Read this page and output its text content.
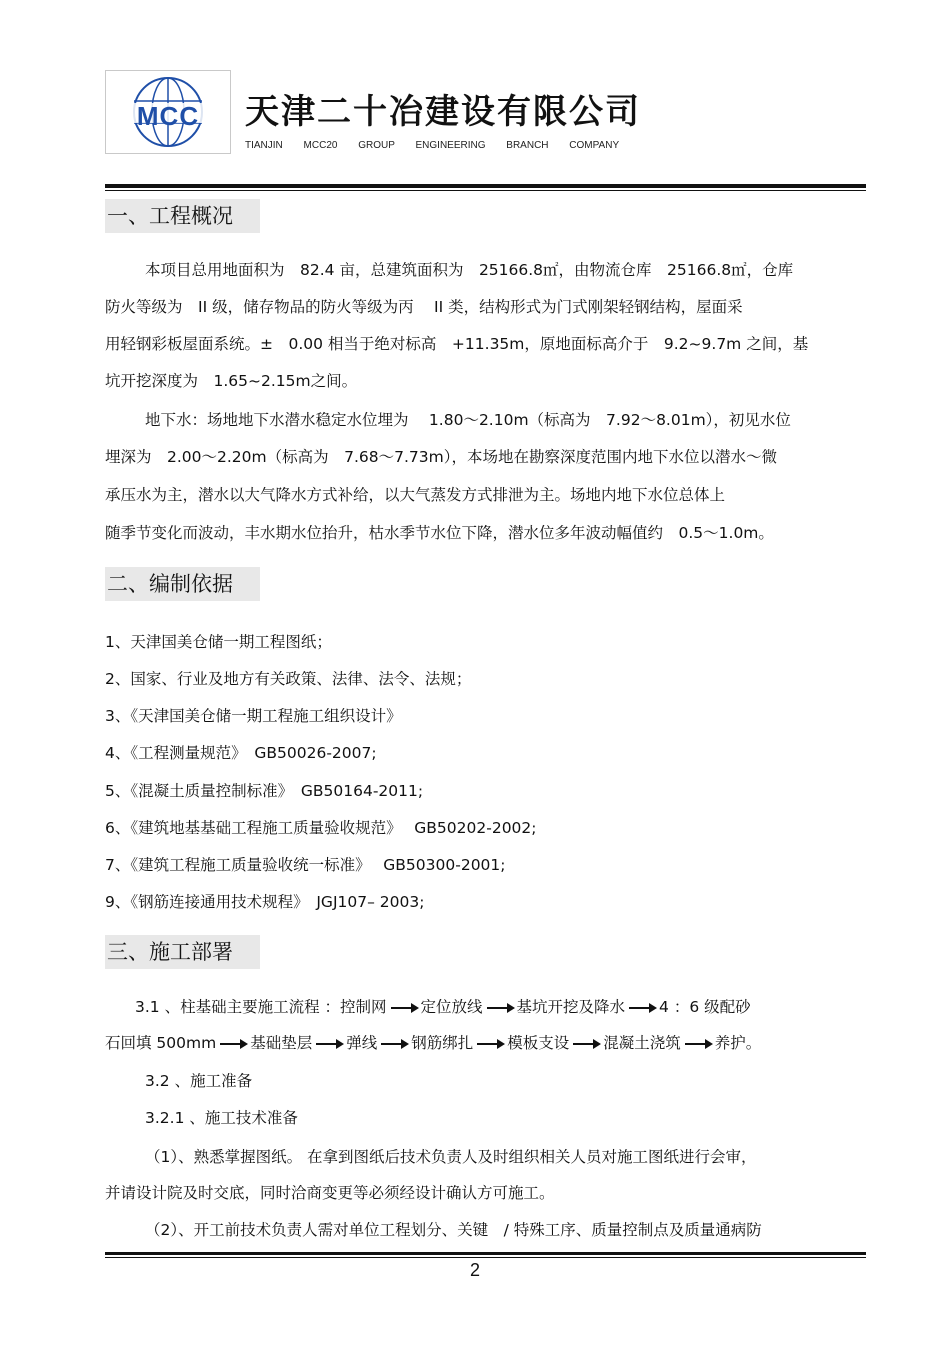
MCC	天津二十冶建设有限公司
TIANJIN MCC20 GROUP ENGINEERING BRANCH COMPANY
一、工程概况
本项目总用地面积为　82.4 亩，总建筑面积为　25166.8㎡，由物流仓库　25166.8㎡，仓库
防火等级为　II 级，储存物品的防火等级为丙　 II 类，结构形式为门式刚架轻钢结构，屋面采
用轻钢彩板屋面系统。±　0.00 相当于绝对标高　+11.35m，原地面标高介于　9.2~9.7m 之间，基
坑开挖深度为　1.65~2.15m之间。
地下水：场地地下水潜水稳定水位埋为　 1.80～2.10m（标高为　7.92～8.01m），初见水位
埋深为　2.00～2.20m（标高为　7.68～7.73m），本场地在勘察深度范围内地下水位以潜水～微
承压水为主，潜水以大气降水方式补给，以大气蒸发方式排泄为主。场地内地下水位总体上
随季节变化而波动，丰水期水位抬升，枯水季节水位下降，潜水位多年波动幅值约　0.5～1.0m。
二、编制依据
1、天津国美仓储一期工程图纸；
2、国家、行业及地方有关政策、法律、法令、法规；
3、《天津国美仓储一期工程施工组织设计》
4、《工程测量规范》　GB50026-2007;
5、《混凝土质量控制标准》　GB50164-2011;
6、《建筑地基基础工程施工质量验收规范》　 GB50202-2002;
7、《建筑工程施工质量验收统一标准》　 GB50300-2001;
9、《钢筋连接通用技术规程》　JGJ107– 2003;
三、施工部署
3.1 、柱基础主要施工流程 ：控制网 定位放线 基坑开挖及降水 4 ：6 级配砂
石回填 500mm 基础垫层 弹线 钢筋绑扎 模板支设 混凝土浇筑 养护。
3.2 、施工准备
3.2.1 、施工技术准备
（1）、熟悉掌握图纸。 在拿到图纸后技术负责人及时组织相关人员对施工图纸进行会审，
并请设计院及时交底，同时洽商变更等必须经设计确认方可施工。
（2）、开工前技术负责人需对单位工程划分、关键　/ 特殊工序、质量控制点及质量通病防
2
